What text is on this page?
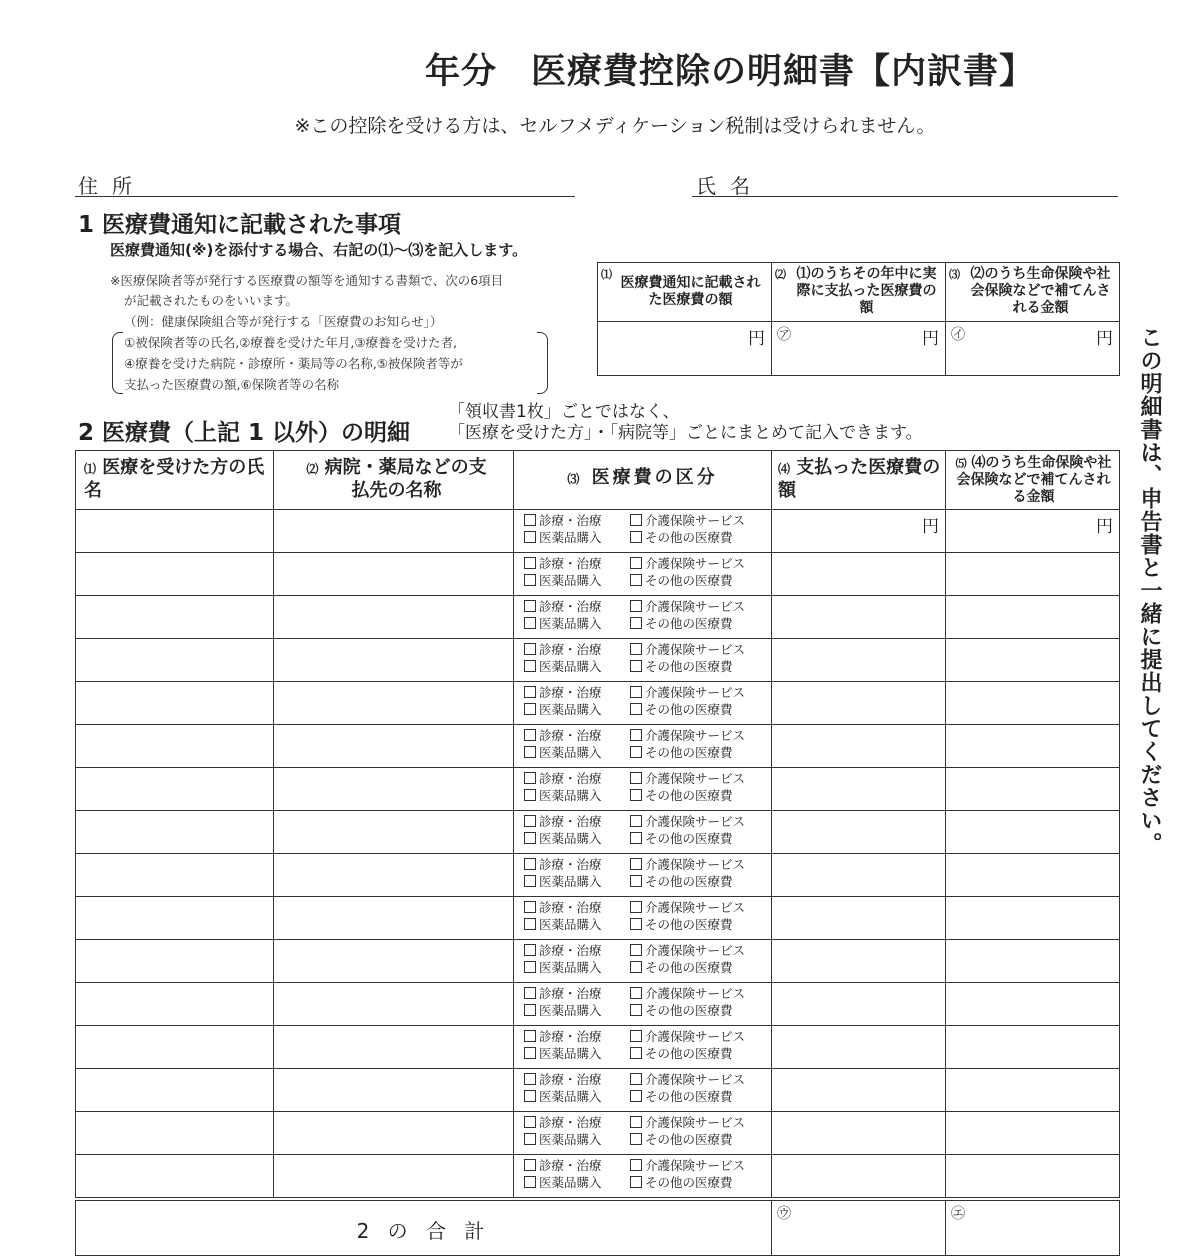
年分 医療費控除の明細書【内訳書】
※この控除を受ける方は、セルフメディケーション税制は受けられません。
住所	氏名
1 医療費通知に記載された事項
医療費通知(※)を添付する場合、右記の⑴〜⑶を記入します。
※医療保険者等が発行する医療費の額等を通知する書類で、次の6項目
が記載されたものをいいます。
（例：健康保険組合等が発行する「医療費のお知らせ」）
①被保険者等の氏名,②療養を受けた年月,③療養を受けた者,
④療養を受けた病院・診療所・薬局等の名称,⑤被保険者等が
支払った医療費の額,⑥保険者等の名称
⑴
医療費通知に記載された医療費の額	⑵ ⑴のうちその年中に実際に支払った医療費の額	⑶ ⑵のうち生命保険や社会保険などで補てんされる金額

円	㋐ 円	㋑ 円
2 医療費（上記 1 以外）の明細
「領収書1枚」ごとではなく、
「医療を受けた方」・「病院等」ごとにまとめて記入できます。
⑴ 医療を受けた方の氏名	⑵ 病院・薬局などの支払先の名称	⑶ 医療費の区分	⑷ 支払った医療費の額	⑸ ⑷のうち生命保険や社会保険などで補てんされる金額

		診療・治療 介護保険サービス
医薬品購入 その他の医療費	円	円

		診療・治療 介護保険サービス
医薬品購入 その他の医療費		

		診療・治療 介護保険サービス
医薬品購入 その他の医療費		

		診療・治療 介護保険サービス
医薬品購入 その他の医療費		

		診療・治療 介護保険サービス
医薬品購入 その他の医療費		

		診療・治療 介護保険サービス
医薬品購入 その他の医療費		

		診療・治療 介護保険サービス
医薬品購入 その他の医療費		

		診療・治療 介護保険サービス
医薬品購入 その他の医療費		

		診療・治療 介護保険サービス
医薬品購入 その他の医療費		

		診療・治療 介護保険サービス
医薬品購入 その他の医療費		

		診療・治療 介護保険サービス
医薬品購入 その他の医療費		

		診療・治療 介護保険サービス
医薬品購入 その他の医療費		

		診療・治療 介護保険サービス
医薬品購入 その他の医療費		

		診療・治療 介護保険サービス
医薬品購入 その他の医療費		

		診療・治療 介護保険サービス
医薬品購入 その他の医療費		

		診療・治療 介護保険サービス
医薬品購入 その他の医療費		

2 の 合 計			㋒	㋓
この明細書は、申告書と一緒に提出してください。
